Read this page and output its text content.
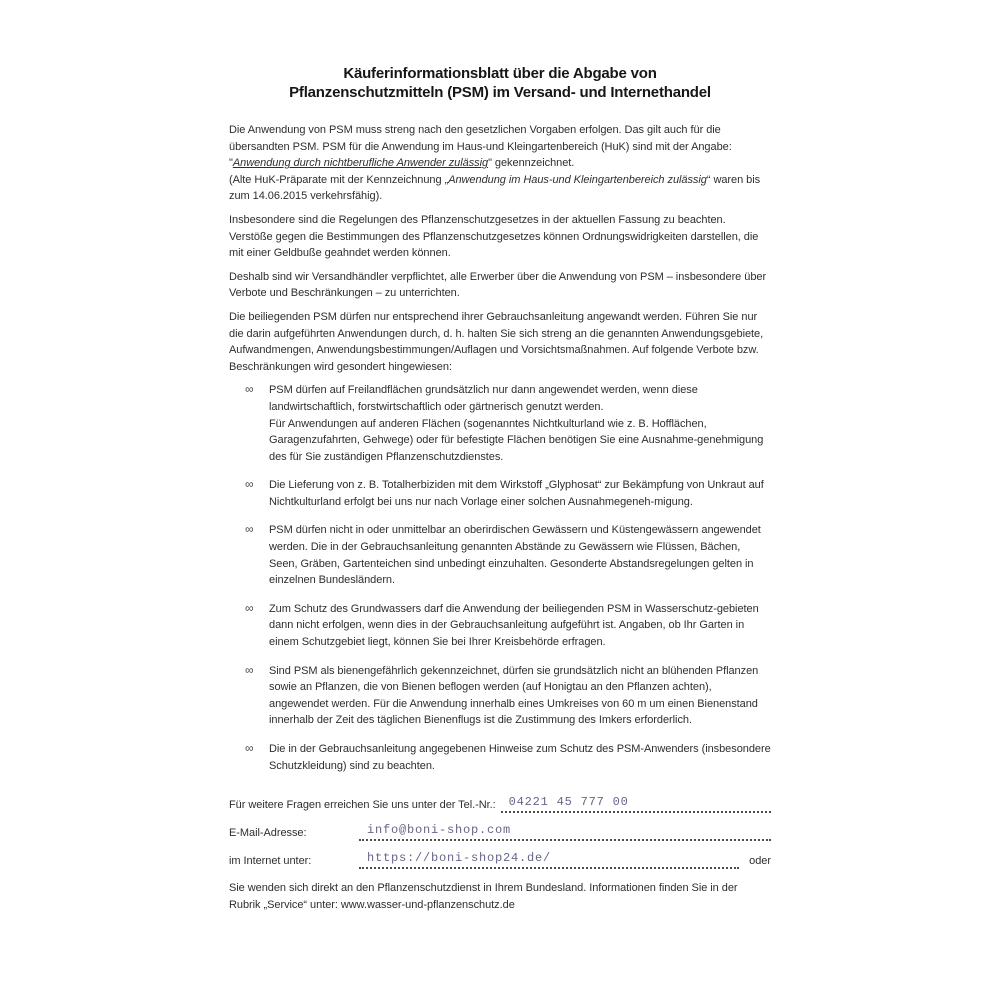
Käuferinformationsblatt über die Abgabe von
Pflanzenschutzmitteln (PSM) im Versand- und Internethandel

Die Anwendung von PSM muss streng nach den gesetzlichen Vorgaben erfolgen. Das gilt auch für die übersandten PSM. PSM für die Anwendung im Haus-und Kleingartenbereich (HuK) sind mit der Angabe: "Anwendung durch nichtberufliche Anwender zulässig" gekennzeichnet.
(Alte HuK-Präparate mit der Kennzeichnung „Anwendung im Haus-und Kleingartenbereich zulässig“ waren bis zum 14.06.2015 verkehrsfähig).

Insbesondere sind die Regelungen des Pflanzenschutzgesetzes in der aktuellen Fassung zu beachten. Verstöße gegen die Bestimmungen des Pflanzenschutzgesetzes können Ordnungswidrigkeiten darstellen, die mit einer Geldbuße geahndet werden können.

Deshalb sind wir Versandhändler verpflichtet, alle Erwerber über die Anwendung von PSM – insbesondere über Verbote und Beschränkungen – zu unterrichten.

Die beiliegenden PSM dürfen nur entsprechend ihrer Gebrauchsanleitung angewandt werden. Führen Sie nur die darin aufgeführten Anwendungen durch, d. h. halten Sie sich streng an die genannten Anwendungsgebiete, Aufwandmengen, Anwendungsbestimmungen/Auflagen und Vorsichtsmaßnahmen. Auf folgende Verbote bzw. Beschränkungen wird gesondert hingewiesen:

∞ PSM dürfen auf Freilandflächen grundsätzlich nur dann angewendet werden, wenn diese landwirtschaftlich, forstwirtschaftlich oder gärtnerisch genutzt werden.
Für Anwendungen auf anderen Flächen (sogenanntes Nichtkulturland wie z. B. Hofflächen, Garagenzufahrten, Gehwege) oder für befestigte Flächen benötigen Sie eine Ausnahme-genehmigung des für Sie zuständigen Pflanzenschutzdienstes.
∞ Die Lieferung von z. B. Totalherbiziden mit dem Wirkstoff „Glyphosat“ zur Bekämpfung von Unkraut auf Nichtkulturland erfolgt bei uns nur nach Vorlage einer solchen Ausnahmegeneh-migung.
∞ PSM dürfen nicht in oder unmittelbar an oberirdischen Gewässern und Küstengewässern angewendet werden. Die in der Gebrauchsanleitung genannten Abstände zu Gewässern wie Flüssen, Bächen, Seen, Gräben, Gartenteichen sind unbedingt einzuhalten. Gesonderte Abstandsregelungen gelten in einzelnen Bundesländern.
∞ Zum Schutz des Grundwassers darf die Anwendung der beiliegenden PSM in Wasserschutz-gebieten dann nicht erfolgen, wenn dies in der Gebrauchsanleitung aufgeführt ist. Angaben, ob Ihr Garten in einem Schutzgebiet liegt, können Sie bei Ihrer Kreisbehörde erfragen.
∞ Sind PSM als bienengefährlich gekennzeichnet, dürfen sie grundsätzlich nicht an blühenden Pflanzen sowie an Pflanzen, die von Bienen beflogen werden (auf Honigtau an den Pflanzen achten), angewendet werden. Für die Anwendung innerhalb eines Umkreises von 60 m um einen Bienenstand innerhalb der Zeit des täglichen Bienenflugs ist die Zustimmung des Imkers erforderlich.
∞ Die in der Gebrauchsanleitung angegebenen Hinweise zum Schutz des PSM-Anwenders (insbesondere Schutzkleidung) sind zu beachten.
Für weitere Fragen erreichen Sie uns unter der Tel.-Nr.:	04221 45 777 00
E-Mail-Adresse:	info@boni-shop.com
im Internet unter:	https://boni-shop24.de/	oder

Sie wenden sich direkt an den Pflanzenschutzdienst in Ihrem Bundesland. Informationen finden Sie in der Rubrik „Service“ unter: www.wasser-und-pflanzenschutz.de
